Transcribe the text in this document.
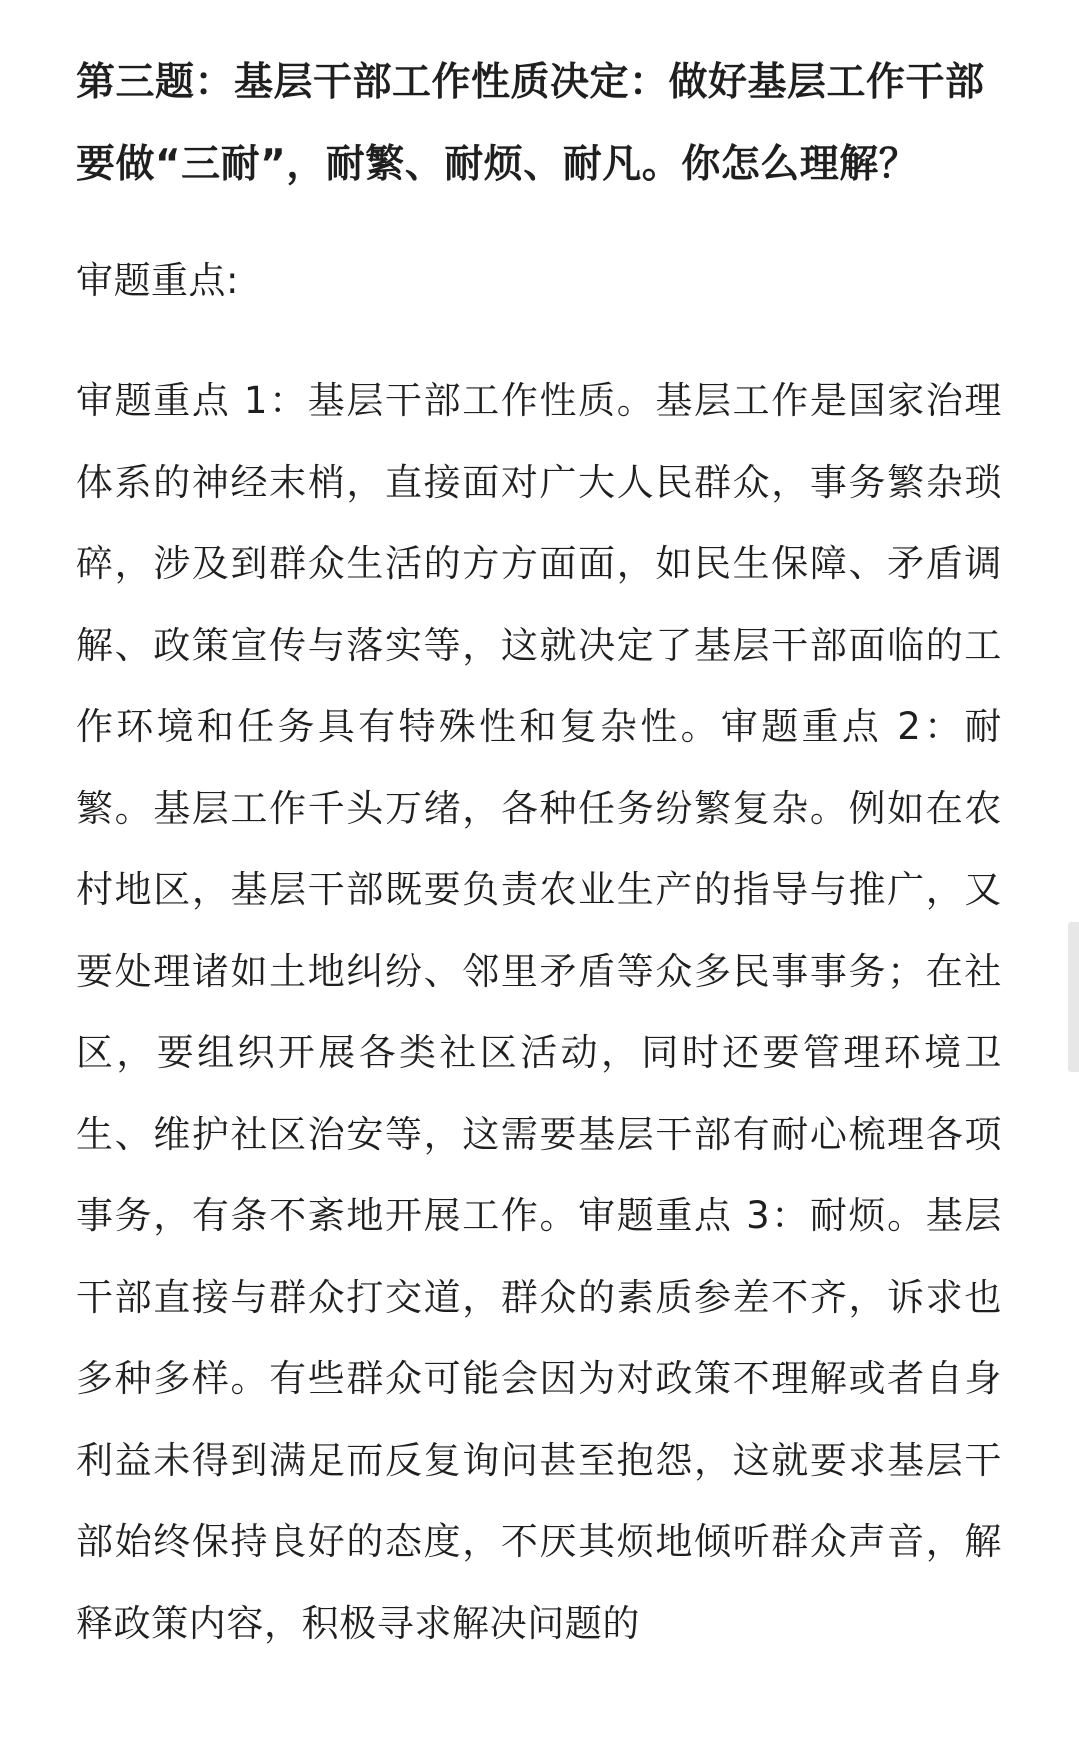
第三题：基层干部工作性质决定：做好基层工作干部要做“三耐”，耐繁、耐烦、耐凡。你怎么理解？

审题重点:

审题重点 1：基层干部工作性质。基层工作是国家治理体系的神经末梢，直接面对广大人民群众，事务繁杂琐碎，涉及到群众生活的方方面面，如民生保障、矛盾调解、政策宣传与落实等，这就决定了基层干部面临的工作环境和任务具有特殊性和复杂性。审题重点 2：耐繁。基层工作千头万绪，各种任务纷繁复杂。例如在农村地区，基层干部既要负责农业生产的指导与推广，又要处理诸如土地纠纷、邻里矛盾等众多民事事务；在社区，要组织开展各类社区活动，同时还要管理环境卫生、维护社区治安等，这需要基层干部有耐心梳理各项事务，有条不紊地开展工作。审题重点 3：耐烦。基层干部直接与群众打交道，群众的素质参差不齐，诉求也多种多样。有些群众可能会因为对政策不理解或者自身利益未得到满足而反复询问甚至抱怨，这就要求基层干部始终保持良好的态度，不厌其烦地倾听群众声音，解释政策内容，积极寻求解决问题的
